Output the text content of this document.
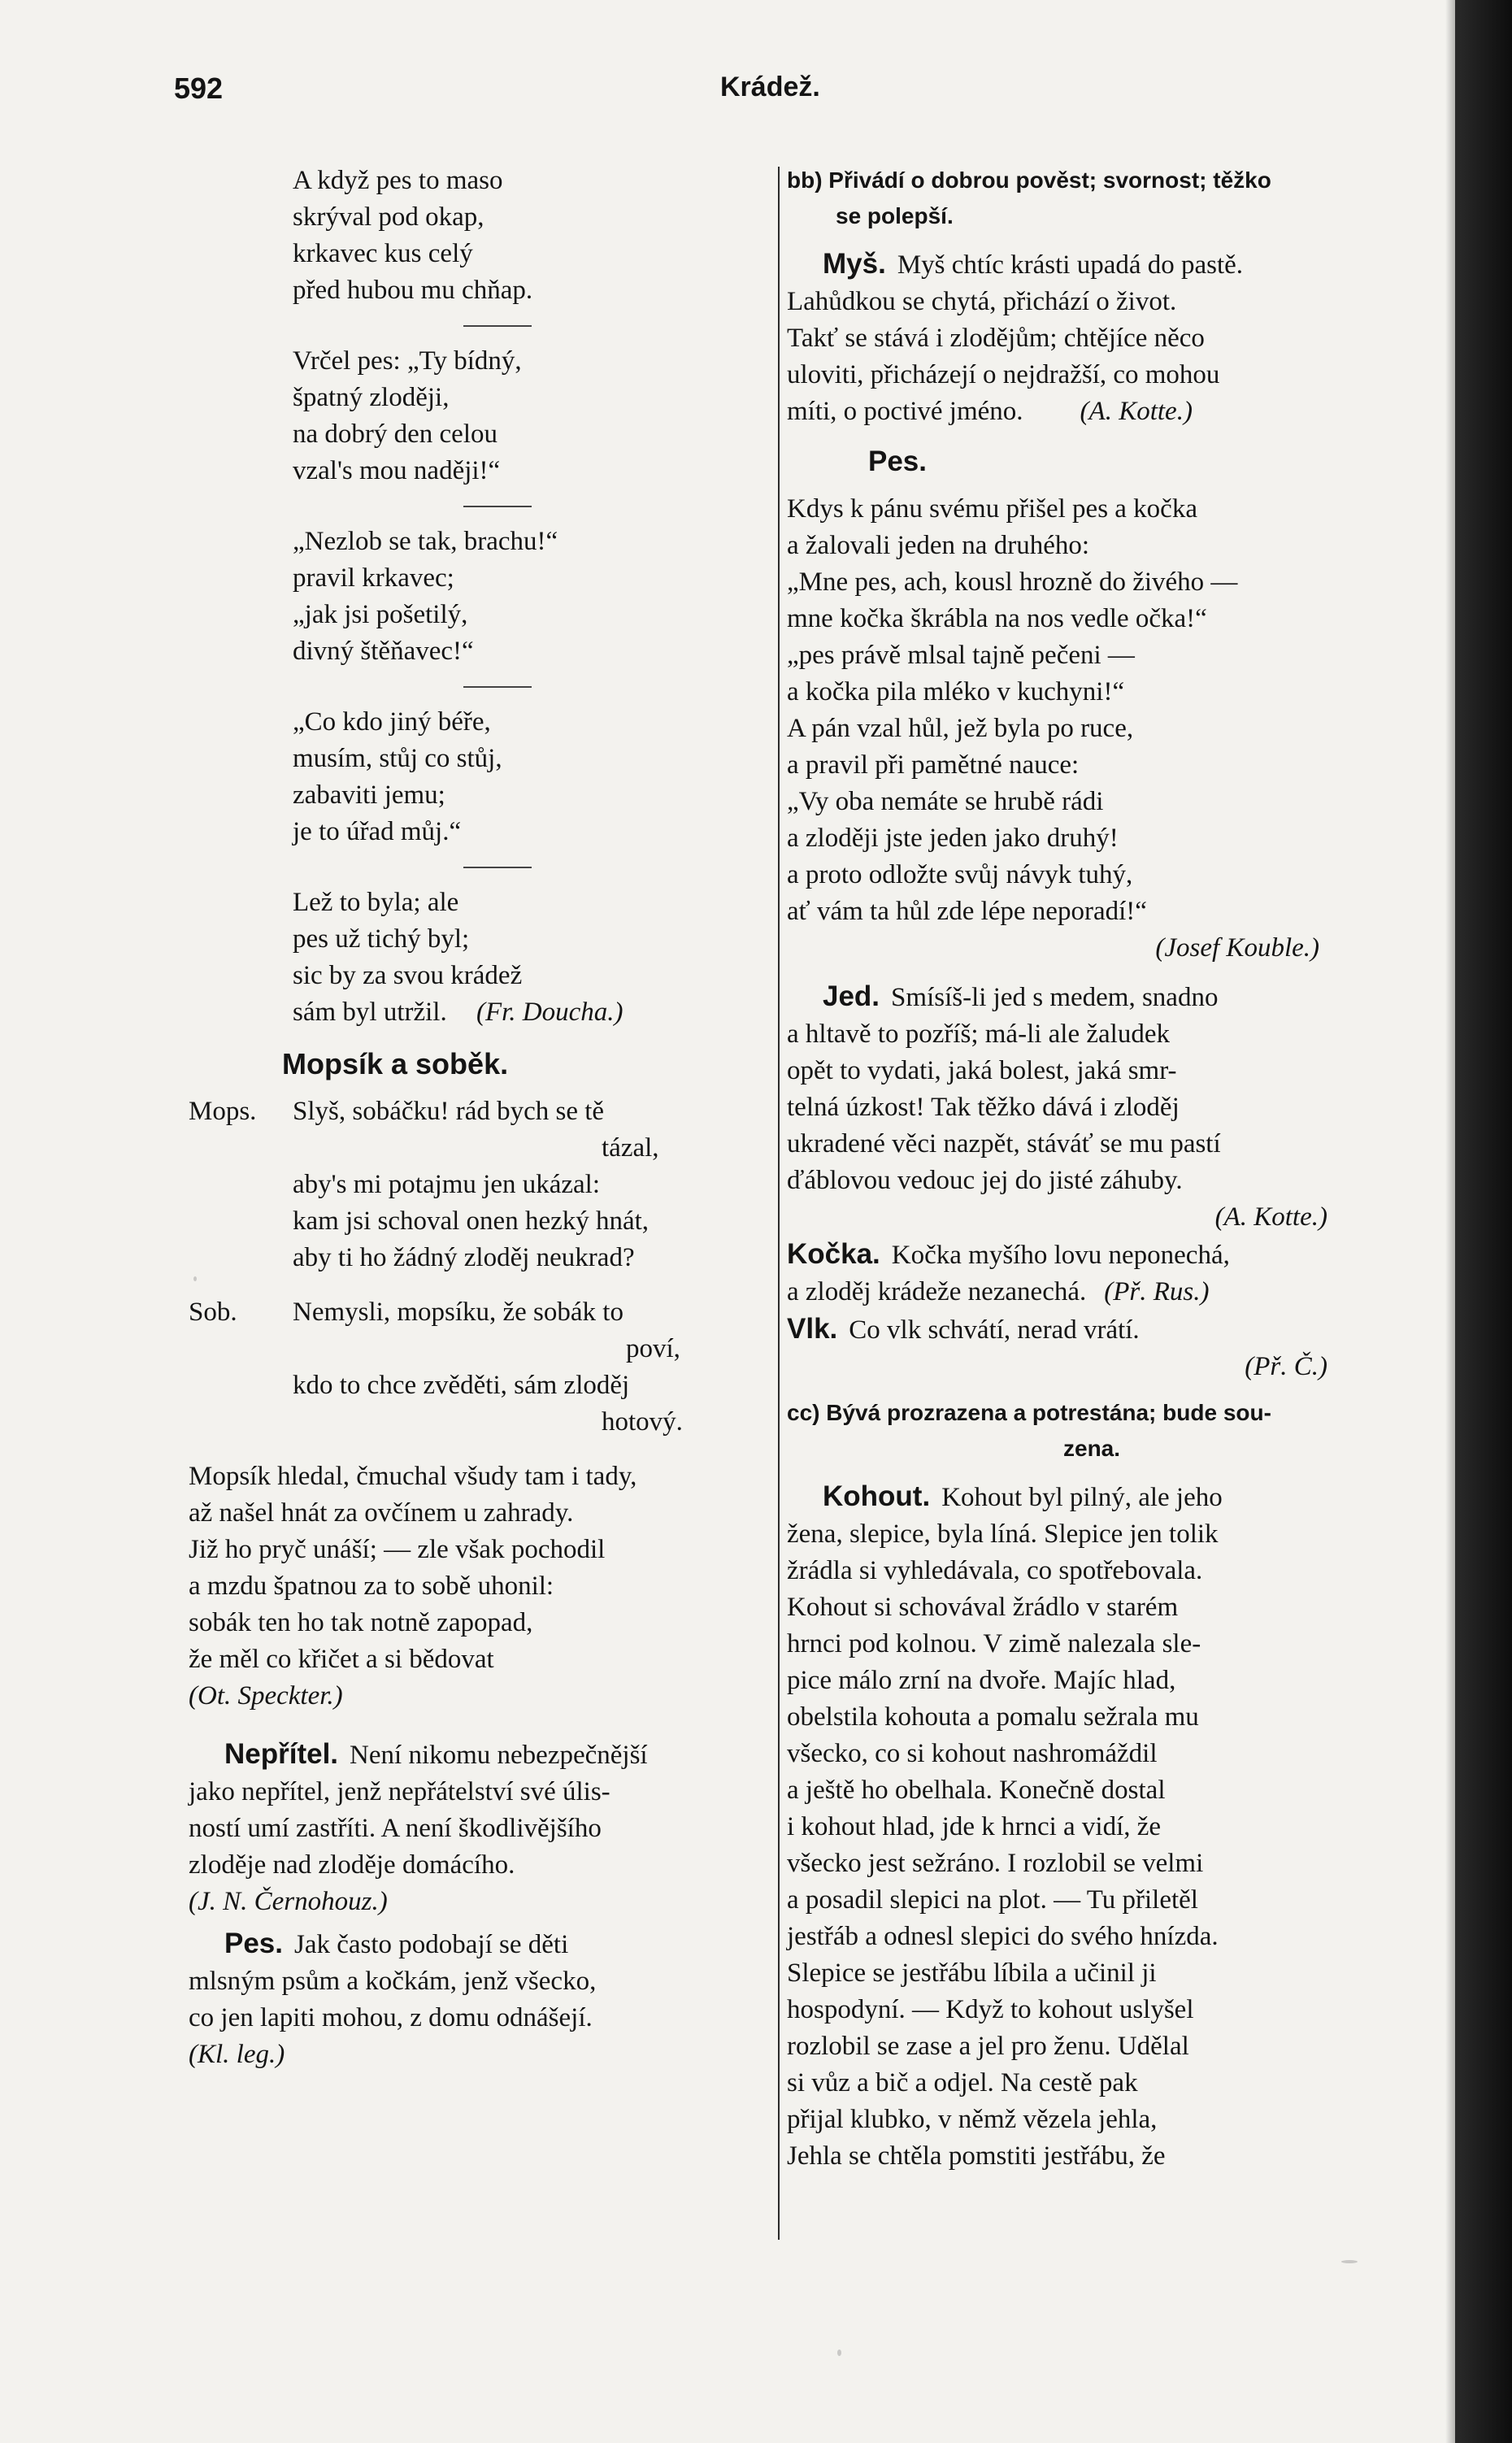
592	Krádež.
A když pes to maso
skrýval pod okap,
krkavec kus celý
před hubou mu chňap.
Vrčel pes: „Ty bídný,
špatný zloději,
na dobrý den celou
vzal's mou naději!“
„Nezlob se tak, brachu!“
pravil krkavec;
„jak jsi pošetilý,
divný štěňavec!“
„Co kdo jiný béře,
musím, stůj co stůj,
zabaviti jemu;
je to úřad můj.“
Lež to byla; ale
pes už tichý byl;
sic by za svou krádež
sám byl utržil. (Fr. Doucha.)
Mopsík a soběk.
Mops. Slyš, sobáčku! rád bych se tě
tázal,
aby's mi potajmu jen ukázal:
kam jsi schoval onen hezký hnát,
aby ti ho žádný zloděj neukrad?
Sob. Nemysli, mopsíku, že sobák to
poví,
kdo to chce zvěděti, sám zloděj
hotový.
Mopsík hledal, čmuchal všudy tam i tady,
až našel hnát za ovčínem u zahrady.
Již ho pryč unáší; — zle však pochodil
a mzdu špatnou za to sobě uhonil:
sobák ten ho tak notně zapopad,
že měl co křičet a si bědovat
(Ot. Speckter.)
Nepřítel. Není nikomu nebezpečnější
jako nepřítel, jenž nepřátelství své úlis-
ností umí zastříti. A není škodlivějšího
zloděje nad zloděje domácího.
(J. N. Černohouz.)
Pes. Jak často podobají se děti
mlsným psům a kočkám, jenž všecko,
co jen lapiti mohou, z domu odnášejí.
(Kl. leg.)
bb) Přivádí o dobrou pověst; svornost; těžko
se polepší.
Myš. Myš chtíc krásti upadá do pastě.
Lahůdkou se chytá, přichází o život.
Takť se stává i zlodějům; chtějíce něco
uloviti, přicházejí o nejdražší, co mohou
míti, o poctivé jméno. (A. Kotte.)
Pes.
Kdys k pánu svému přišel pes a kočka
a žalovali jeden na druhého:
„Mne pes, ach, kousl hrozně do živého —
mne kočka škrábla na nos vedle očka!“
„pes právě mlsal tajně pečeni —
a kočka pila mléko v kuchyni!“
A pán vzal hůl, jež byla po ruce,
a pravil při pamětné nauce:
„Vy oba nemáte se hrubě rádi
a zloději jste jeden jako druhý!
a proto odložte svůj návyk tuhý,
ať vám ta hůl zde lépe neporadí!“
(Josef Kouble.)
Jed. Smísíš-li jed s medem, snadno
a hltavě to pozříš; má-li ale žaludek
opět to vydati, jaká bolest, jaká smr-
telná úzkost! Tak těžko dává i zloděj
ukradené věci nazpět, stáváť se mu pastí
ďáblovou vedouc jej do jisté záhuby.
(A. Kotte.)
Kočka. Kočka myšího lovu neponechá,
a zloděj krádeže nezanechá. (Př. Rus.)
Vlk. Co vlk schvátí, nerad vrátí.
(Př. Č.)
cc) Bývá prozrazena a potrestána; bude sou-
zena.
Kohout. Kohout byl pilný, ale jeho
žena, slepice, byla líná. Slepice jen tolik
žrádla si vyhledávala, co spotřebovala.
Kohout si schovával žrádlo v starém
hrnci pod kolnou. V zimě nalezala sle-
pice málo zrní na dvoře. Majíc hlad,
obelstila kohouta a pomalu sežrala mu
všecko, co si kohout nashromáždil
a ještě ho obelhala. Konečně dostal
i kohout hlad, jde k hrnci a vidí, že
všecko jest sežráno. I rozlobil se velmi
a posadil slepici na plot. — Tu přiletěl
jestřáb a odnesl slepici do svého hnízda.
Slepice se jestřábu líbila a učinil ji
hospodyní. — Když to kohout uslyšel
rozlobil se zase a jel pro ženu. Udělal
si vůz a bič a odjel. Na cestě pak
přijal klubko, v němž vězela jehla,
Jehla se chtěla pomstiti jestřábu, že
